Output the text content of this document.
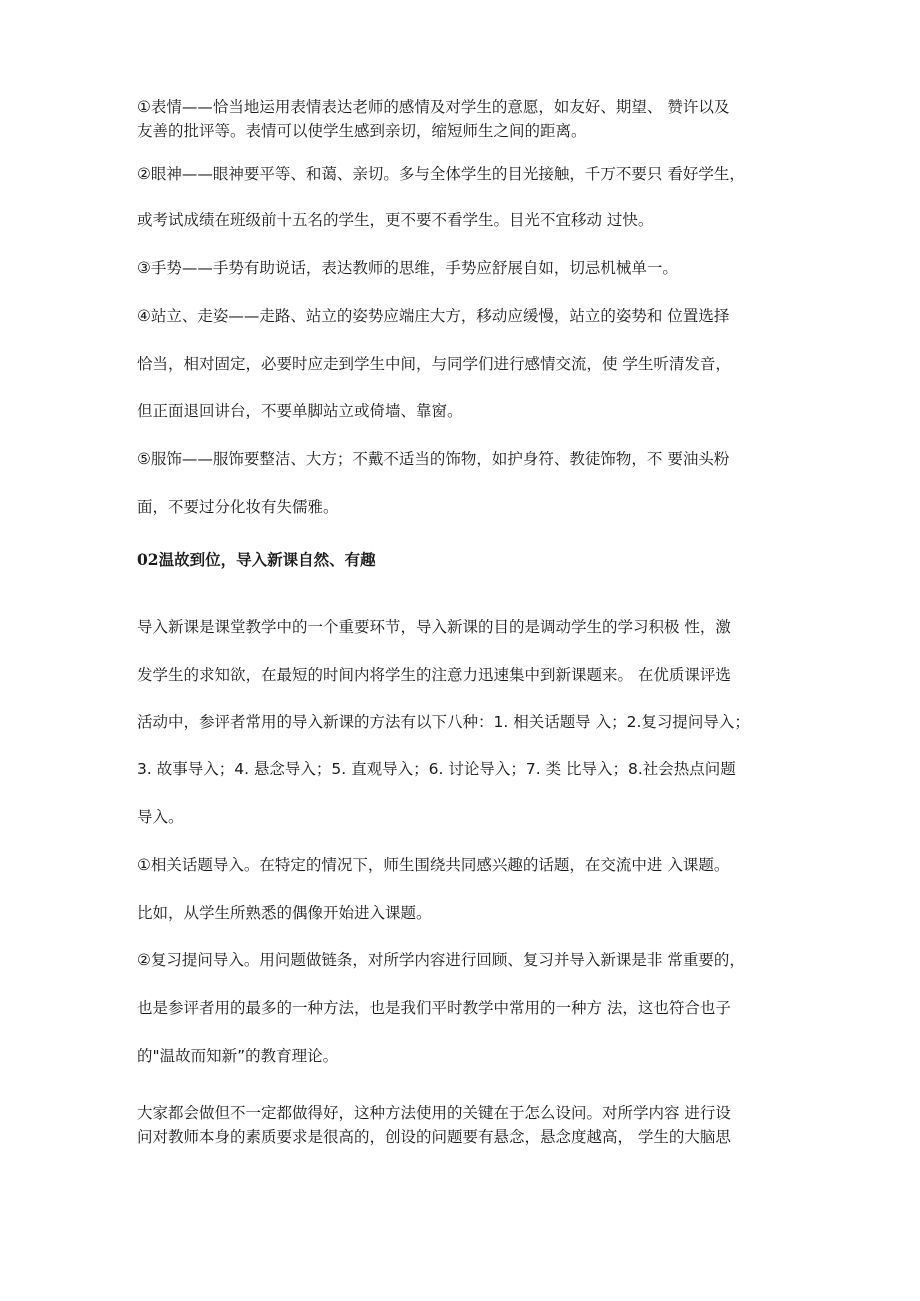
①表情——恰当地运用表情表达老师的感情及对学生的意愿，如友好、期望、 赞许以及
友善的批评等。表情可以使学生感到亲切，缩短师生之间的距离。
②眼神——眼神要平等、和蔼、亲切。多与全体学生的目光接触，千万不要只 看好学生，
或考试成绩在班级前十五名的学生，更不要不看学生。目光不宜移动 过快。
③手势——手势有助说话，表达教师的思维，手势应舒展自如，切忌机械单一。
④站立、走姿——走路、站立的姿势应端庄大方，移动应缓慢，站立的姿势和 位置选择
恰当，相对固定，必要时应走到学生中间，与同学们进行感情交流，使 学生听清发音，
但正面退回讲台，不要单脚站立或倚墙、靠窗。
⑤服饰——服饰要整洁、大方；不戴不适当的饰物，如护身符、教徒饰物，不 要油头粉
面，不要过分化妆有失儒雅。
02温故到位，导入新课自然、有趣
导入新课是课堂教学中的一个重要环节，导入新课的目的是调动学生的学习积极 性，激
发学生的求知欲，在最短的时间内将学生的注意力迅速集中到新课题来。 在优质课评选
活动中，参评者常用的导入新课的方法有以下八种：1. 相关话题导 入；2.复习提问导入；
3. 故事导入；4. 悬念导入；5. 直观导入；6. 讨论导入；7. 类 比导入；8.社会热点问题
导入。
①相关话题导入。在特定的情况下，师生围绕共同感兴趣的话题，在交流中进 入课题。
比如，从学生所熟悉的偶像开始进入课题。
②复习提问导入。用问题做链条，对所学内容进行回顾、复习并导入新课是非 常重要的，
也是参评者用的最多的一种方法，也是我们平时教学中常用的一种方 法，这也符合也子
的"温故而知新”的教育理论。
大家都会做但不一定都做得好，这种方法使用的关键在于怎么设问。对所学内容 进行设
问对教师本身的素质要求是很高的，创设的问题要有悬念，悬念度越高， 学生的大脑思
